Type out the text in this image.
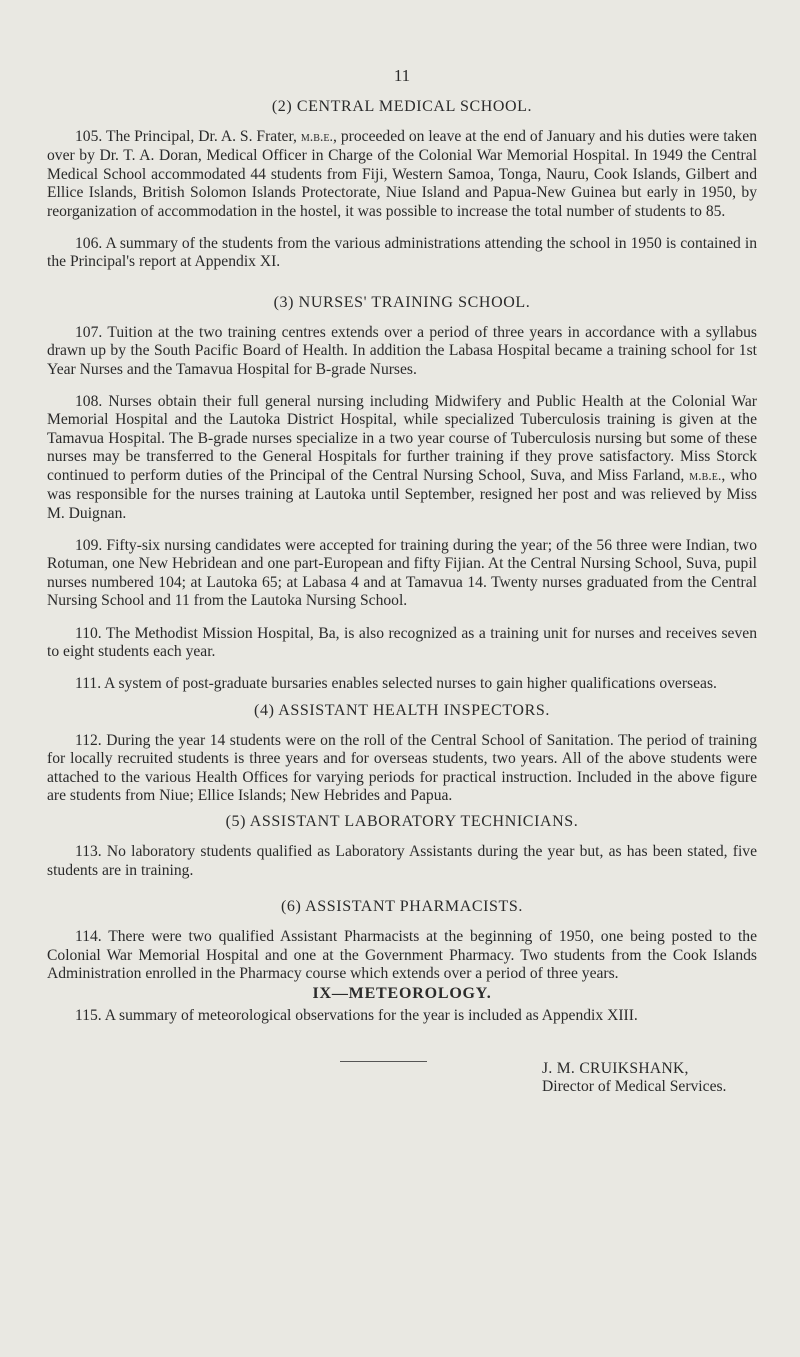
11
(2) CENTRAL MEDICAL SCHOOL.

105. The Principal, Dr. A. S. Frater, m.b.e., proceeded on leave at the end of January and his duties were taken over by Dr. T. A. Doran, Medical Officer in Charge of the Colonial War Memorial Hospital. In 1949 the Central Medical School accommodated 44 students from Fiji, Western Samoa, Tonga, Nauru, Cook Islands, Gilbert and Ellice Islands, British Solomon Islands Protectorate, Niue Island and Papua-New Guinea but early in 1950, by reorganization of accommodation in the hostel, it was possible to increase the total number of students to 85.

106. A summary of the students from the various administrations attending the school in 1950 is contained in the Principal's report at Appendix XI.

(3) NURSES' TRAINING SCHOOL.

107. Tuition at the two training centres extends over a period of three years in accordance with a syllabus drawn up by the South Pacific Board of Health. In addition the Labasa Hospital became a training school for 1st Year Nurses and the Tamavua Hospital for B-grade Nurses.

108. Nurses obtain their full general nursing including Midwifery and Public Health at the Colonial War Memorial Hospital and the Lautoka District Hospital, while specialized Tuberculosis training is given at the Tamavua Hospital. The B-grade nurses specialize in a two year course of Tuberculosis nursing but some of these nurses may be transferred to the General Hospitals for further training if they prove satisfactory. Miss Storck continued to perform duties of the Principal of the Central Nursing School, Suva, and Miss Farland, m.b.e., who was responsible for the nurses training at Lautoka until September, resigned her post and was relieved by Miss M. Duignan.

109. Fifty-six nursing candidates were accepted for training during the year; of the 56 three were Indian, two Rotuman, one New Hebridean and one part-European and fifty Fijian. At the Central Nursing School, Suva, pupil nurses numbered 104; at Lautoka 65; at Labasa 4 and at Tamavua 14. Twenty nurses graduated from the Central Nursing School and 11 from the Lautoka Nursing School.

110. The Methodist Mission Hospital, Ba, is also recognized as a training unit for nurses and receives seven to eight students each year.

111. A system of post-graduate bursaries enables selected nurses to gain higher qualifications overseas.

(4) ASSISTANT HEALTH INSPECTORS.

112. During the year 14 students were on the roll of the Central School of Sanitation. The period of training for locally recruited students is three years and for overseas students, two years. All of the above students were attached to the various Health Offices for varying periods for practical instruction. Included in the above figure are students from Niue; Ellice Islands; New Hebrides and Papua.

(5) ASSISTANT LABORATORY TECHNICIANS.

113. No laboratory students qualified as Laboratory Assistants during the year but, as has been stated, five students are in training.

(6) ASSISTANT PHARMACISTS.

114. There were two qualified Assistant Pharmacists at the beginning of 1950, one being posted to the Colonial War Memorial Hospital and one at the Government Pharmacy. Two students from the Cook Islands Administration enrolled in the Pharmacy course which extends over a period of three years.

IX—METEOROLOGY.

115. A summary of meteorological observations for the year is included as Appendix XIII.

J. M. CRUIKSHANK,
Director of Medical Services.
